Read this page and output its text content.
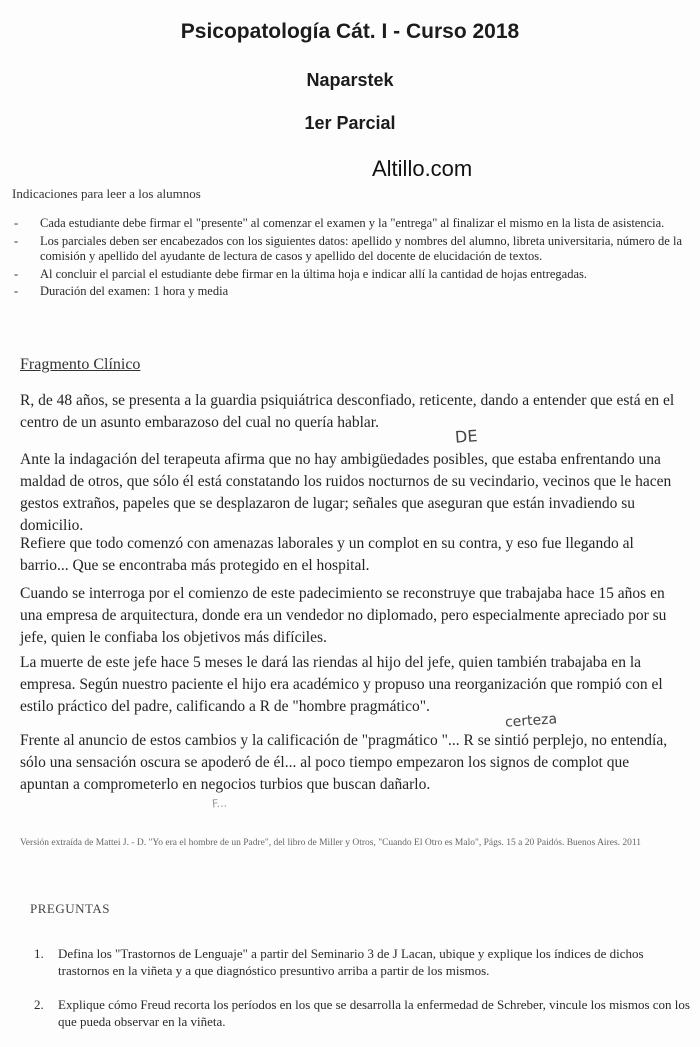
Psicopatología Cát. I - Curso 2018
Naparstek
1er Parcial
Altillo.com
Indicaciones para leer a los alumnos
- Cada estudiante debe firmar el "presente" al comenzar el examen y la "entrega" al finalizar el mismo en la lista de asistencia.
- Los parciales deben ser encabezados con los siguientes datos: apellido y nombres del alumno, libreta universitaria, número de la comisión y apellido del ayudante de lectura de casos y apellido del docente de elucidación de textos.
- Al concluir el parcial el estudiante debe firmar en la última hoja e indicar allí la cantidad de hojas entregadas.
- Duración del examen: 1 hora y media
Fragmento Clínico
R, de 48 años, se presenta a la guardia psiquiátrica desconfiado, reticente, dando a entender que está en el centro de un asunto embarazoso del cual no quería hablar.
Ante la indagación del terapeuta afirma que no hay ambigüedades posibles, que estaba enfrentando una maldad de otros, que sólo él está constatando los ruidos nocturnos de su vecindario, vecinos que le hacen gestos extraños, papeles que se desplazaron de lugar; señales que aseguran que están invadiendo su domicilio.
Refiere que todo comenzó con amenazas laborales y un complot en su contra, y eso fue llegando al barrio... Que se encontraba más protegido en el hospital.
Cuando se interroga por el comienzo de este padecimiento se reconstruye que trabajaba hace 15 años en una empresa de arquitectura, donde era un vendedor no diplomado, pero especialmente apreciado por su jefe, quien le confiaba los objetivos más difíciles.
La muerte de este jefe hace 5 meses le dará las riendas al hijo del jefe, quien también trabajaba en la empresa. Según nuestro paciente el hijo era académico y propuso una reorganización que rompió con el estilo práctico del padre, calificando a R de "hombre pragmático".
Frente al anuncio de estos cambios y la calificación de "pragmático "... R se sintió perplejo, no entendía, sólo una sensación oscura se apoderó de él... al poco tiempo empezaron los signos de complot que apuntan a comprometerlo en negocios turbios que buscan dañarlo.
DE
certeza
F...
Versión extraída de Mattei J. - D. "Yo era el hombre de un Padre", del libro de Miller y Otros, "Cuando El Otro es Malo", Págs. 15 a 20 Paidós. Buenos Aires. 2011
PREGUNTAS
1. Defina los "Trastornos de Lenguaje" a partir del Seminario 3 de J Lacan, ubique y explique los índices de dichos trastornos en la viñeta y a que diagnóstico presuntivo arriba a partir de los mismos.
2. Explique cómo Freud recorta los períodos en los que se desarrolla la enfermedad de Schreber, vincule los mismos con los que pueda observar en la viñeta.
